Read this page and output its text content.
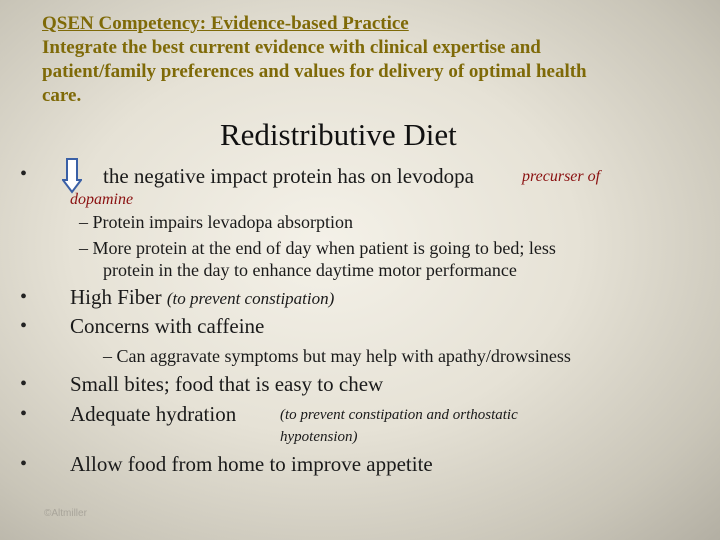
QSEN Competency: Evidence-based Practice
Integrate the best current evidence with clinical expertise and
patient/family preferences and values for delivery of optimal health
care.
Redistributive Diet
•	the negative impact protein has on levodopa	precurser of
dopamine
– Protein impairs levadopa absorption
– More protein at the end of day when patient is going to bed; less
protein in the day to enhance daytime motor performance
• High Fiber (to prevent constipation)
• Concerns with caffeine
– Can aggravate symptoms but may help with apathy/drowsiness
• Small bites; food that is easy to chew
• Adequate hydration	(to prevent constipation and orthostatic
hypotension)
• Allow food from home to improve appetite
©Altmiller
